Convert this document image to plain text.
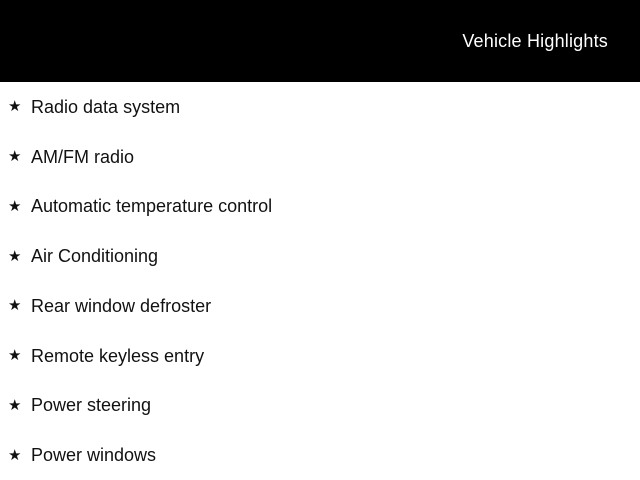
Vehicle Highlights
★ Radio data system
★ AM/FM radio
★ Automatic temperature control
★ Air Conditioning
★ Rear window defroster
★ Remote keyless entry
★ Power steering
★ Power windows
